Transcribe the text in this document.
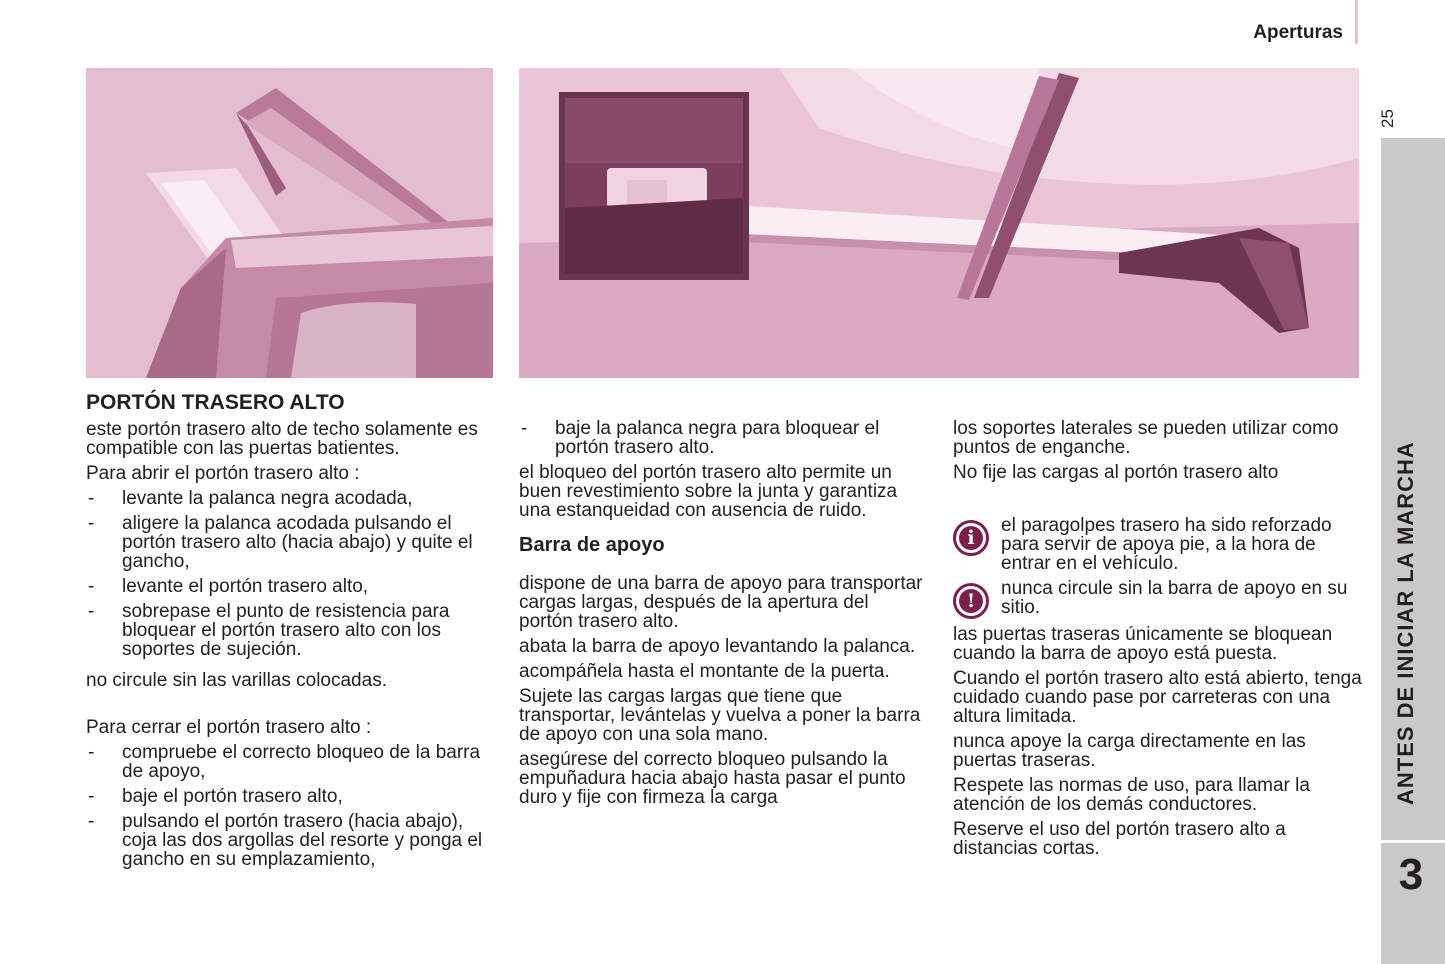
Aperturas
25
ANTES DE INICIAR LA MARCHA
3
PORTÓN TRASERO ALTO

este portón trasero alto de techo solamente es compatible con las puertas batientes.

Para abrir el portón trasero alto :

- levante la palanca negra acodada,
- aligere la palanca acodada pulsando el portón trasero alto (hacia abajo) y quite el gancho,
- levante el portón trasero alto,
- sobrepase el punto de resistencia para bloquear el portón trasero alto con los soportes de sujeción.

no circule sin las varillas colocadas.

Para cerrar el portón trasero alto :

- compruebe el correcto bloqueo de la barra de apoyo,
- baje el portón trasero alto,
- pulsando el portón trasero (hacia abajo), coja las dos argollas del resorte y ponga el gancho en su emplazamiento,
- baje la palanca negra para bloquear el portón trasero alto.

el bloqueo del portón trasero alto permite un buen revestimiento sobre la junta y garantiza una estanqueidad con ausencia de ruido.

Barra de apoyo

dispone de una barra de apoyo para transportar cargas largas, después de la apertura del portón trasero alto.

abata la barra de apoyo levantando la palanca.

acompáñela hasta el montante de la puerta.

Sujete las cargas largas que tiene que transportar, levántelas y vuelva a poner la barra de apoyo con una sola mano.

asegúrese del correcto bloqueo pulsando la empuñadura hacia abajo hasta pasar el punto duro y fije con firmeza la carga

los soportes laterales se pueden utilizar como puntos de enganche.

No fije las cargas al portón trasero alto

i
el paragolpes trasero ha sido reforzado para servir de apoya pie, a la hora de entrar en el vehículo.
!
nunca circule sin la barra de apoyo en su sitio.

las puertas traseras únicamente se bloquean cuando la barra de apoyo está puesta.

Cuando el portón trasero alto está abierto, tenga cuidado cuando pase por carreteras con una altura limitada.

nunca apoye la carga directamente en las puertas traseras.

Respete las normas de uso, para llamar la atención de los demás conductores.

Reserve el uso del portón trasero alto a distancias cortas.
